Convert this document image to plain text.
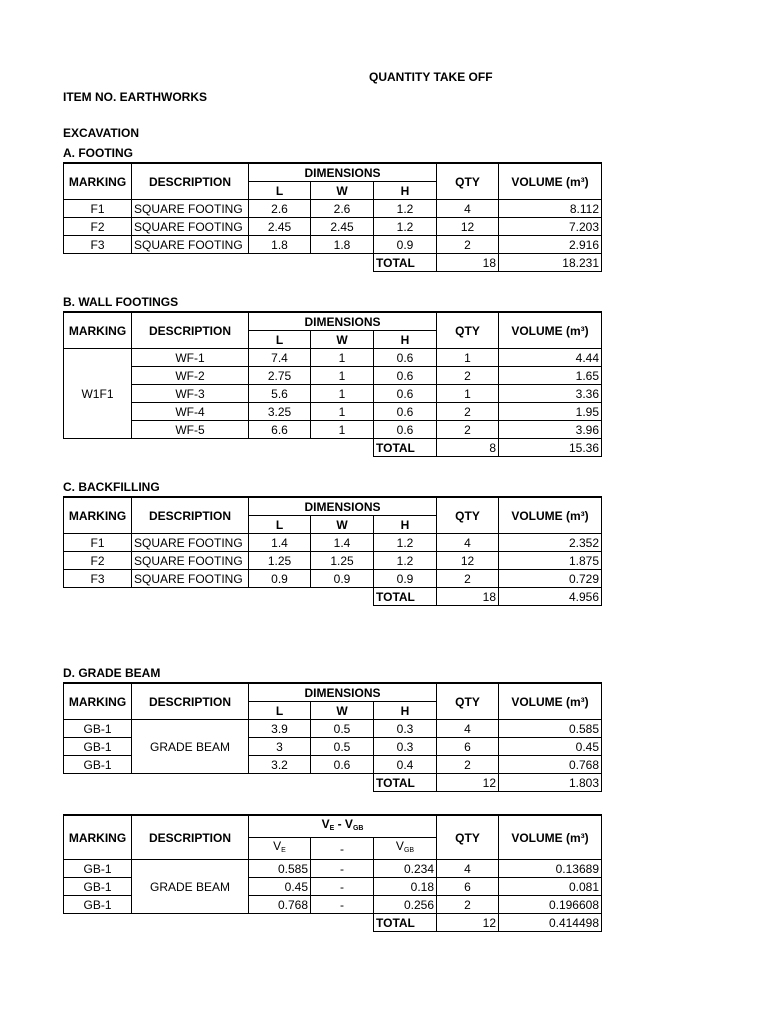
QUANTITY TAKE OFF
ITEM NO. EARTHWORKS
EXCAVATION
A. FOOTING
MARKING	DESCRIPTION	DIMENSIONS			QTY	VOLUME (m³)
		L	W	H		
F1	SQUARE FOOTING	2.6	2.6	1.2	4	8.112
F2	SQUARE FOOTING	2.45	2.45	1.2	12	7.203
F3	SQUARE FOOTING	1.8	1.8	0.9	2	2.916
				TOTAL	18	18.231
B. WALL FOOTINGS
MARKING	DESCRIPTION	DIMENSIONS			QTY	VOLUME (m³)
		L	W	H		
W1F1	WF-1	7.4	1	0.6	1	4.44
	WF-2	2.75	1	0.6	2	1.65
	WF-3	5.6	1	0.6	1	3.36
	WF-4	3.25	1	0.6	2	1.95
	WF-5	6.6	1	0.6	2	3.96
				TOTAL	8	15.36
C. BACKFILLING
MARKING	DESCRIPTION	DIMENSIONS			QTY	VOLUME (m³)
		L	W	H		
F1	SQUARE FOOTING	1.4	1.4	1.2	4	2.352
F2	SQUARE FOOTING	1.25	1.25	1.2	12	1.875
F3	SQUARE FOOTING	0.9	0.9	0.9	2	0.729
				TOTAL	18	4.956
D. GRADE BEAM
MARKING	DESCRIPTION	DIMENSIONS			QTY	VOLUME (m³)
		L	W	H		
GB-1	GRADE BEAM	3.9	0.5	0.3	4	0.585
GB-1		3	0.5	0.3	6	0.45
GB-1		3.2	0.6	0.4	2	0.768
				TOTAL	12	1.803
MARKING	DESCRIPTION	$V_E - V_{GB}$			QTY	VOLUME (m³)
		$V_E$	-	$V_{GB}$
GB-1	GRADE BEAM	0.585	-	0.234	4	0.13689
GB-1		0.45	-	0.18	6	0.081
GB-1		0.768	-	0.256	2	0.196608
				TOTAL	12	0.414498
